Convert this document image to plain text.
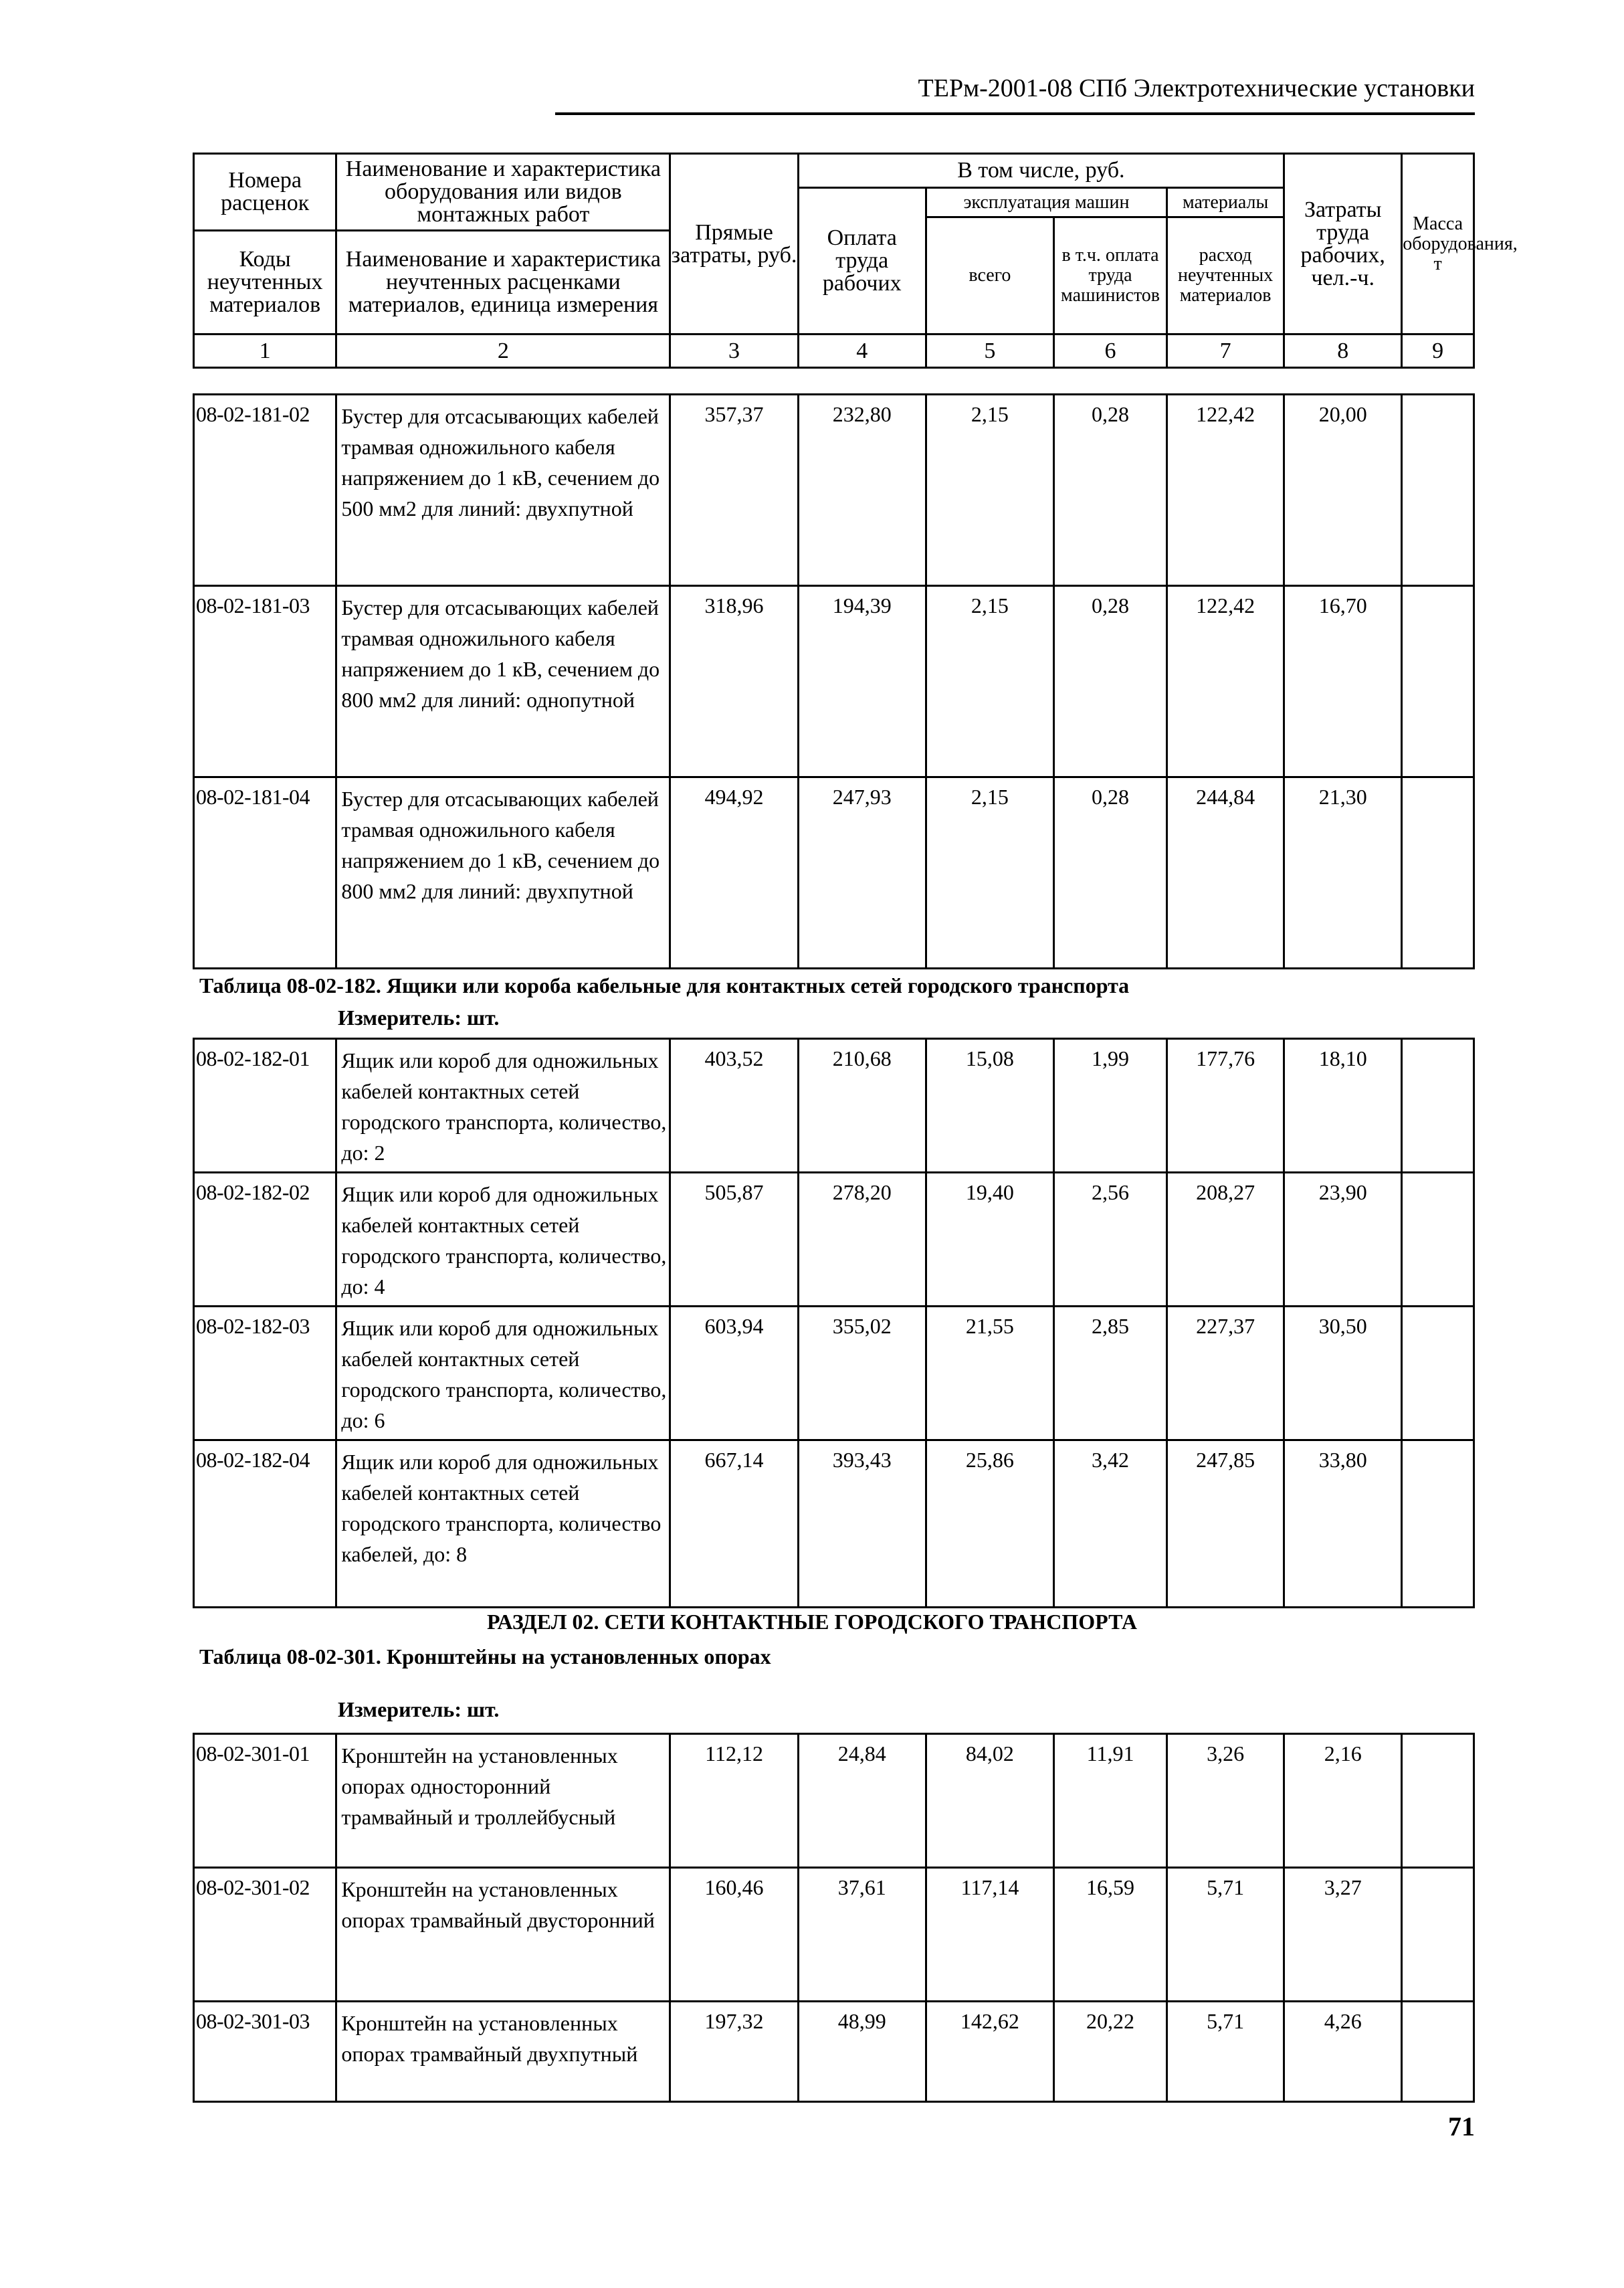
ТЕРм-2001-08 СПб Электротехнические установки
Номера расценок	Наименование и характеристика оборудования или видов монтажных работ	Прямые затраты, руб.	В том числе, руб.				Затраты труда рабочих, чел.-ч.	Масса оборудования, т
			Оплата труда рабочих	эксплуатация машин		материалы		
				всего	в т.ч. оплата труда машинистов	расход неучтенных материалов		
Коды неучтенных материалов	Наименование и характеристика неучтенных расценками материалов, единица измерения							

1	2	3	4	5	6	7	8	9
08-02-181-02	Бустер для отсасывающих кабелей трамвая одножильного кабеля напряжением до 1 кВ, сечением до 500 мм2 для линий: двухпутной	357,37	232,80	2,15	0,28	122,42	20,00	
08-02-181-03	Бустер для отсасывающих кабелей трамвая одножильного кабеля напряжением до 1 кВ, сечением до 800 мм2 для линий: однопутной	318,96	194,39	2,15	0,28	122,42	16,70	
08-02-181-04	Бустер для отсасывающих кабелей трамвая одножильного кабеля напряжением до 1 кВ, сечением до 800 мм2 для линий: двухпутной	494,92	247,93	2,15	0,28	244,84	21,30	
Таблица 08-02-182. Ящики или короба кабельные для контактных сетей городского транспорта
Измеритель: шт.
08-02-182-01	Ящик или короб для одножильных кабелей контактных сетей городского транспорта, количество, до: 2	403,52	210,68	15,08	1,99	177,76	18,10	
08-02-182-02	Ящик или короб для одножильных кабелей контактных сетей городского транспорта, количество, до: 4	505,87	278,20	19,40	2,56	208,27	23,90	
08-02-182-03	Ящик или короб для одножильных кабелей контактных сетей городского транспорта, количество, до: 6	603,94	355,02	21,55	2,85	227,37	30,50	
08-02-182-04	Ящик или короб для одножильных кабелей контактных сетей городского транспорта, количество кабелей, до: 8	667,14	393,43	25,86	3,42	247,85	33,80	
РАЗДЕЛ 02. СЕТИ КОНТАКТНЫЕ ГОРОДСКОГО ТРАНСПОРТА
Таблица 08-02-301. Кронштейны на установленных опорах
Измеритель: шт.
08-02-301-01	Кронштейн на установленных опорах односторонний трамвайный и троллейбусный	112,12	24,84	84,02	11,91	3,26	2,16	
08-02-301-02	Кронштейн на установленных опорах трамвайный двусторонний	160,46	37,61	117,14	16,59	5,71	3,27	
08-02-301-03	Кронштейн на установленных опорах трамвайный двухпутный	197,32	48,99	142,62	20,22	5,71	4,26	
71
